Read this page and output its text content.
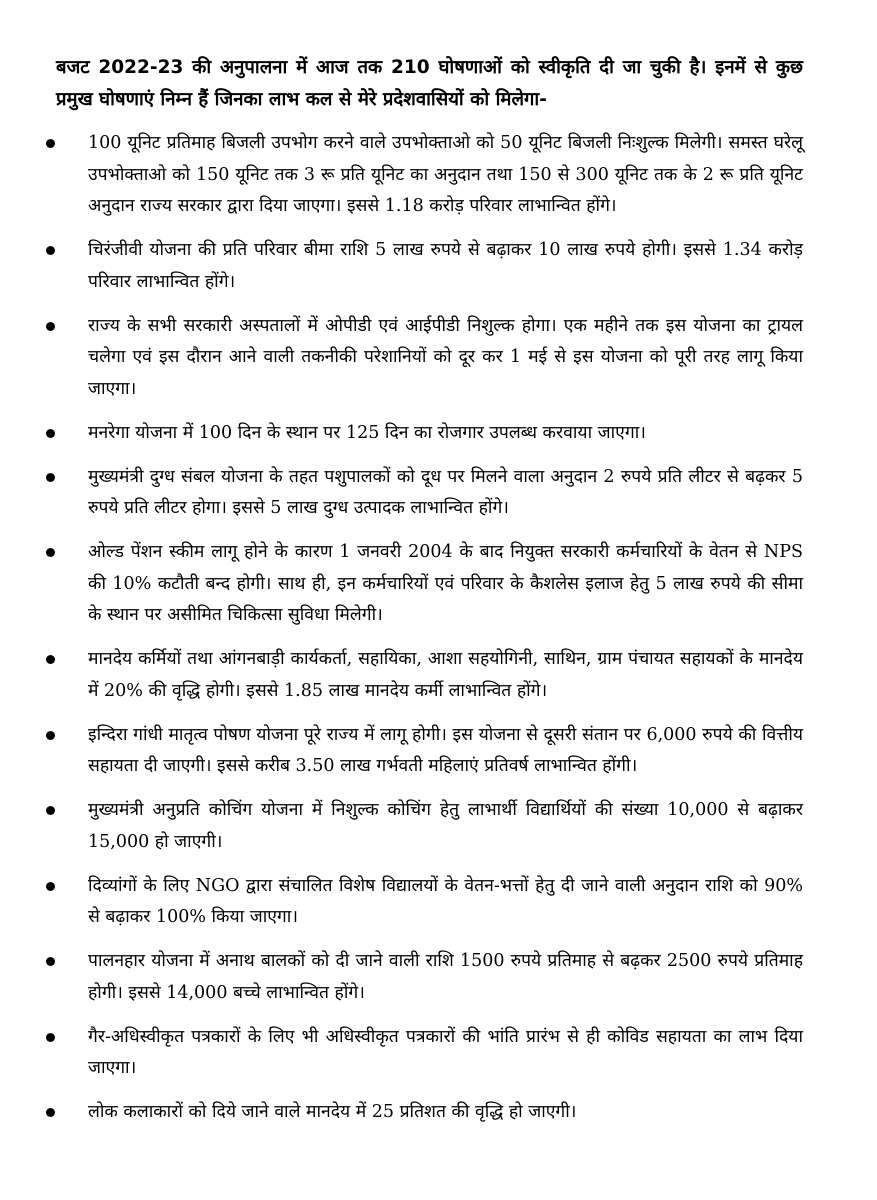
बजट 2022-23 की अनुपालना में आज तक 210 घोषणाओं को स्वीकृति दी जा चुकी है। इनमें से कुछ प्रमुख घोषणाएं निम्न हैं जिनका लाभ कल से मेरे प्रदेशवासियों को मिलेगा-

100 यूनिट प्रतिमाह बिजली उपभोग करने वाले उपभोक्ताओ को 50 यूनिट बिजली निःशुल्क मिलेगी। समस्त घरेलू उपभोक्ताओ को 150 यूनिट तक 3 रू प्रति यूनिट का अनुदान तथा 150 से 300 यूनिट तक के 2 रू प्रति यूनिट अनुदान राज्य सरकार द्वारा दिया जाएगा। इससे 1.18 करोड़ परिवार लाभान्वित होंगे।
चिरंजीवी योजना की प्रति परिवार बीमा राशि 5 लाख रुपये से बढ़ाकर 10 लाख रुपये होगी। इससे 1.34 करोड़ परिवार लाभान्वित होंगे।
राज्य के सभी सरकारी अस्पतालों में ओपीडी एवं आईपीडी निशुल्क होगा। एक महीने तक इस योजना का ट्रायल चलेगा एवं इस दौरान आने वाली तकनीकी परेशानियों को दूर कर 1 मई से इस योजना को पूरी तरह लागू किया जाएगा।
मनरेगा योजना में 100 दिन के स्थान पर 125 दिन का रोजगार उपलब्ध करवाया जाएगा।
मुख्यमंत्री दुग्ध संबल योजना के तहत पशुपालकों को दूध पर मिलने वाला अनुदान 2 रुपये प्रति लीटर से बढ़कर 5 रुपये प्रति लीटर होगा। इससे 5 लाख दुग्ध उत्पादक लाभान्वित होंगे।
ओल्ड पेंशन स्कीम लागू होने के कारण 1 जनवरी 2004 के बाद नियुक्त सरकारी कर्मचारियों के वेतन से NPS की 10% कटौती बन्द होगी। साथ ही, इन कर्मचारियों एवं परिवार के कैशलेस इलाज हेतु 5 लाख रुपये की सीमा के स्थान पर असीमित चिकित्सा सुविधा मिलेगी।
मानदेय कर्मियों तथा आंगनबाड़ी कार्यकर्ता, सहायिका, आशा सहयोगिनी, साथिन, ग्राम पंचायत सहायकों के मानदेय में 20% की वृद्धि होगी। इससे 1.85 लाख मानदेय कर्मी लाभान्वित होंगे।
इन्दिरा गांधी मातृत्व पोषण योजना पूरे राज्य में लागू होगी। इस योजना से दूसरी संतान पर 6,000 रुपये की वित्तीय सहायता दी जाएगी। इससे करीब 3.50 लाख गर्भवती महिलाएं प्रतिवर्ष लाभान्वित होंगी।
मुख्यमंत्री अनुप्रति कोचिंग योजना में निशुल्क कोचिंग हेतु लाभार्थी विद्यार्थियों की संख्या 10,000 से बढ़ाकर 15,000 हो जाएगी।
दिव्यांगों के लिए NGO द्वारा संचालित विशेष विद्यालयों के वेतन-भत्तों हेतु दी जाने वाली अनुदान राशि को 90% से बढ़ाकर 100% किया जाएगा।
पालनहार योजना में अनाथ बालकों को दी जाने वाली राशि 1500 रुपये प्रतिमाह से बढ़कर 2500 रुपये प्रतिमाह होगी। इससे 14,000 बच्चे लाभान्वित होंगे।
गैर-अधिस्वीकृत पत्रकारों के लिए भी अधिस्वीकृत पत्रकारों की भांति प्रारंभ से ही कोविड सहायता का लाभ दिया जाएगा।
लोक कलाकारों को दिये जाने वाले मानदेय में 25 प्रतिशत की वृद्धि हो जाएगी।
